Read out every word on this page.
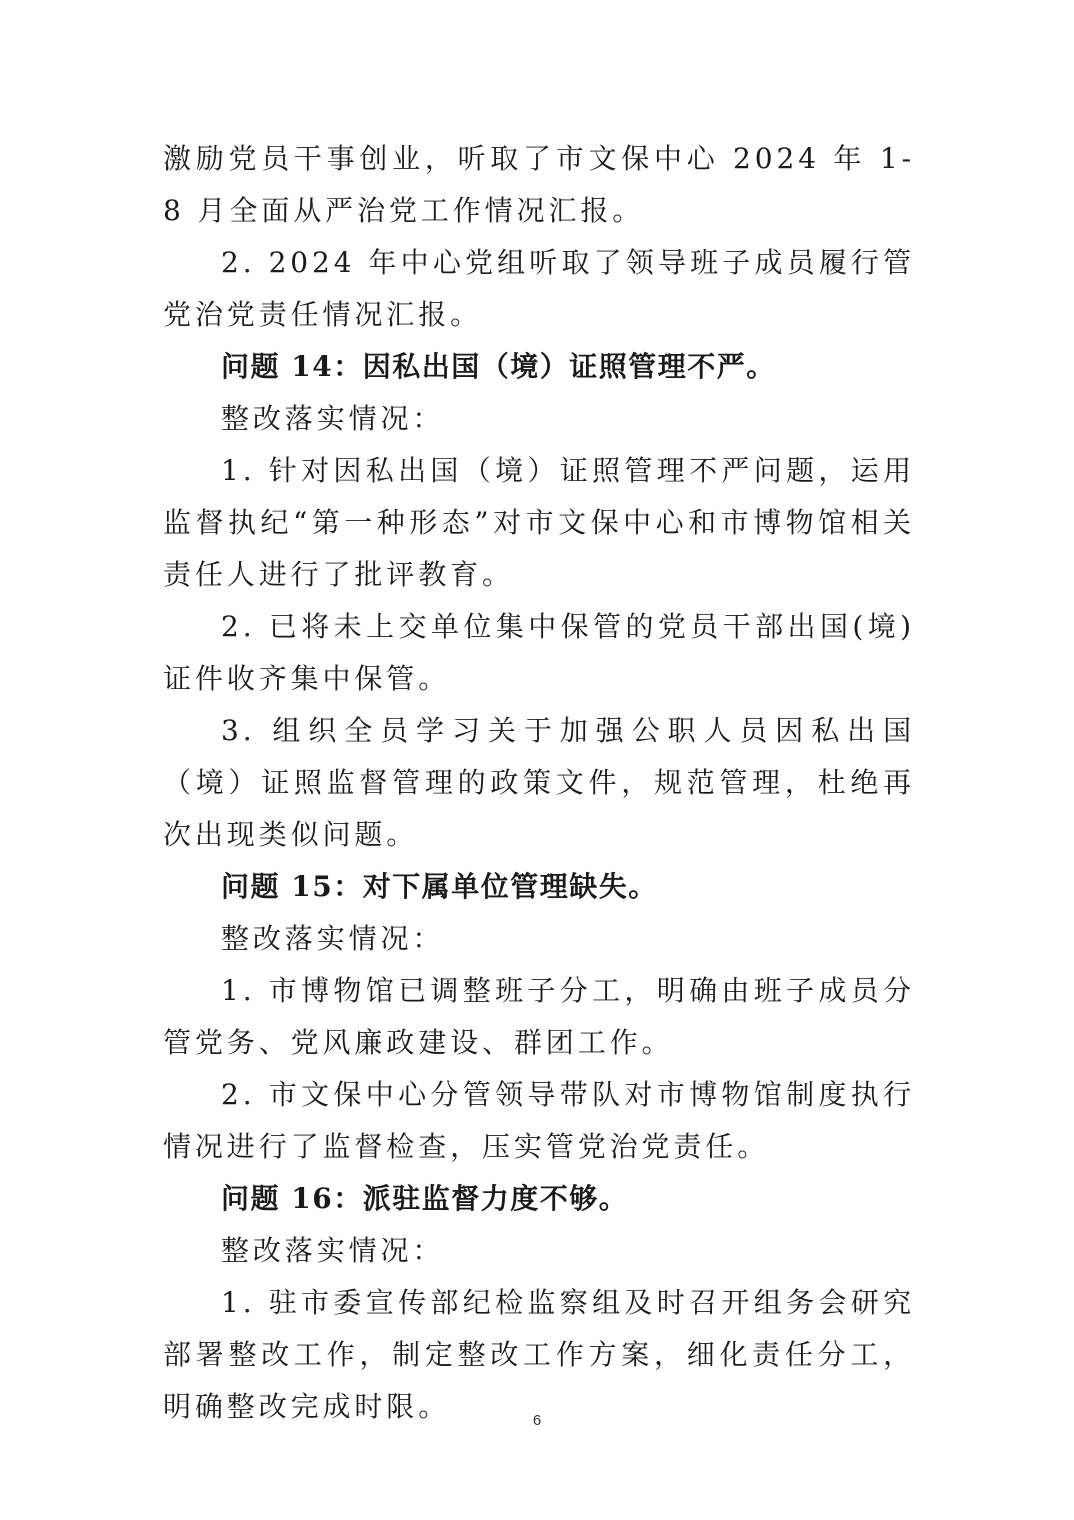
激励党员干事创业，听取了市文保中心 2024 年 1-8 月全面从严治党工作情况汇报。

2. 2024 年中心党组听取了领导班子成员履行管党治党责任情况汇报。

问题 14：因私出国（境）证照管理不严。

整改落实情况：

1. 针对因私出国（境）证照管理不严问题，运用监督执纪“第一种形态”对市文保中心和市博物馆相关责任人进行了批评教育。

2. 已将未上交单位集中保管的党员干部出国(境)证件收齐集中保管。

3. 组织全员学习关于加强公职人员因私出国（境）证照监督管理的政策文件，规范管理，杜绝再次出现类似问题。

问题 15：对下属单位管理缺失。

整改落实情况：

1. 市博物馆已调整班子分工，明确由班子成员分管党务、党风廉政建设、群团工作。

2. 市文保中心分管领导带队对市博物馆制度执行情况进行了监督检查，压实管党治党责任。

问题 16：派驻监督力度不够。

整改落实情况：

1. 驻市委宣传部纪检监察组及时召开组务会研究部署整改工作，制定整改工作方案，细化责任分工，明确整改完成时限。	6
